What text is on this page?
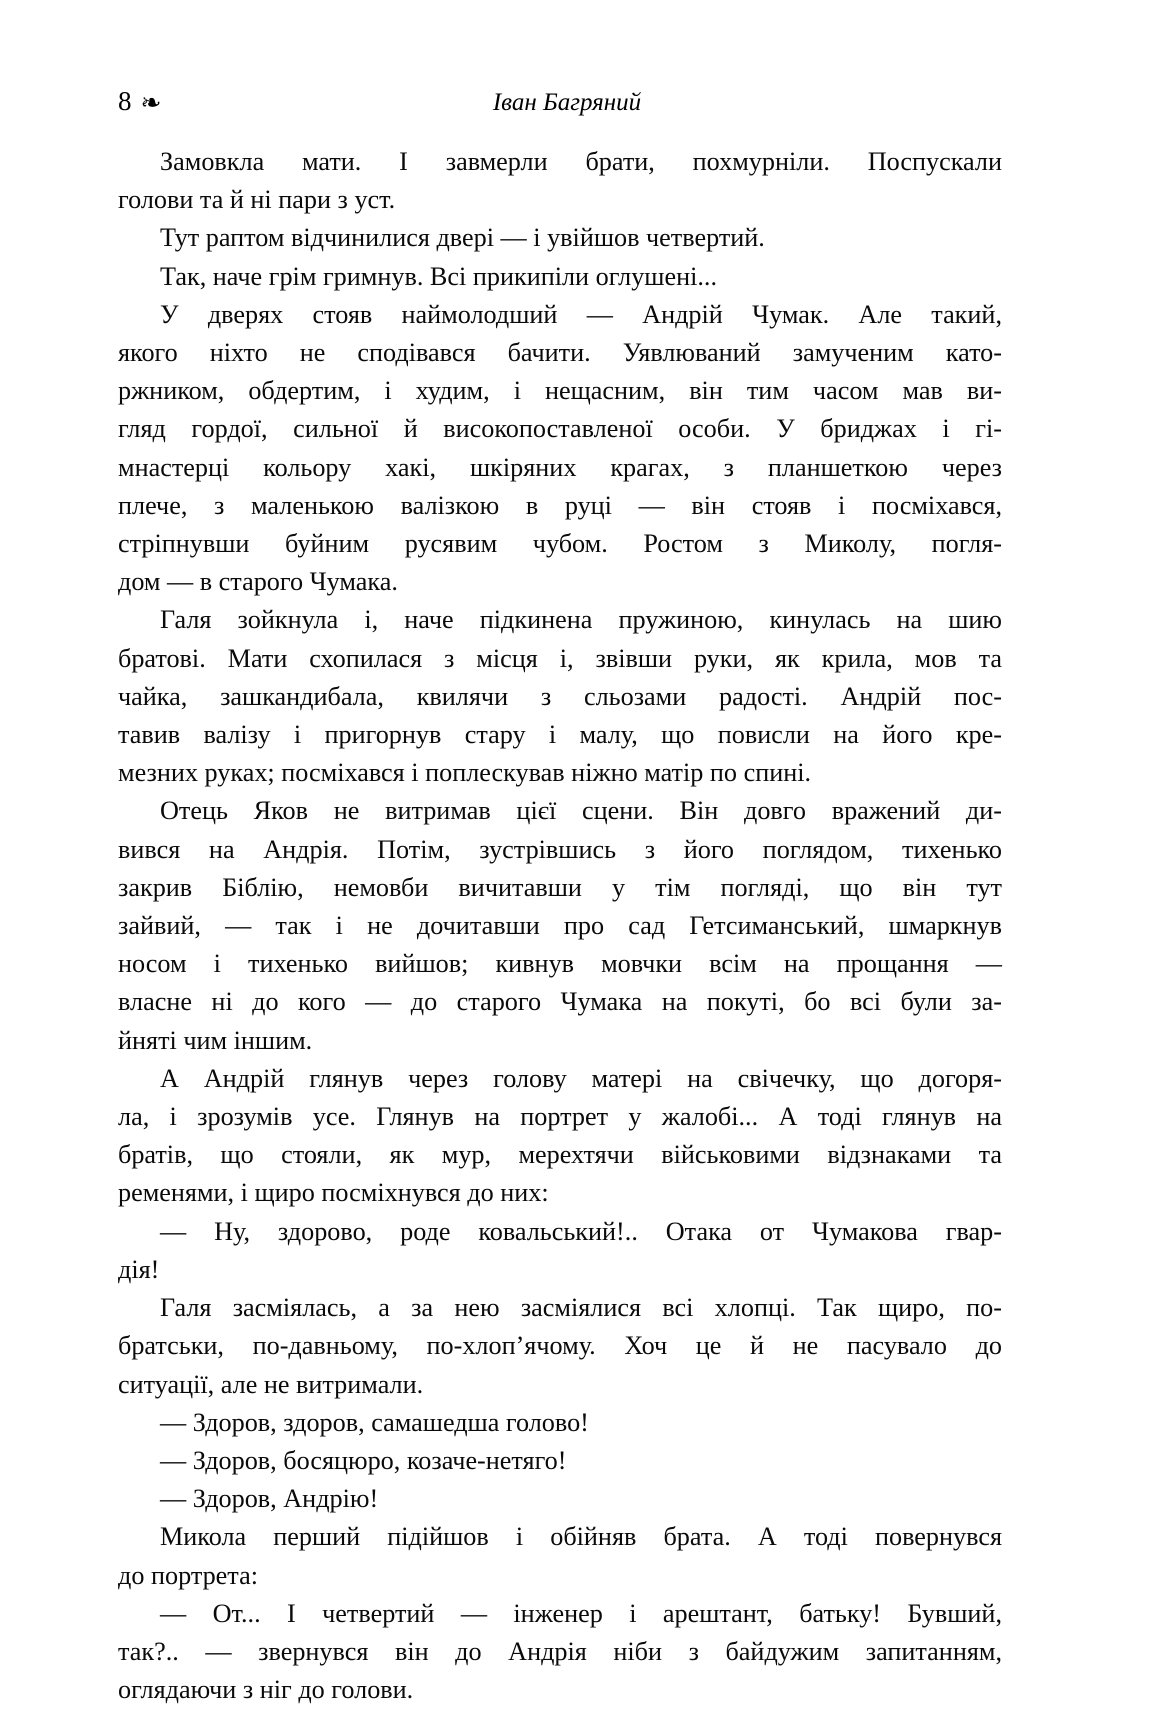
8 ❧	Іван Багряний

Замовкла мати. І завмерли брати, похмурніли. Поспускали
голови та й ні пари з уст.

Тут раптом відчинилися двері — і увійшов четвертий.

Так, наче грім гримнув. Всі прикипіли оглушені...

У дверях стояв наймолодший — Андрій Чумак. Але такий,
якого ніхто не сподівався бачити. Уявлюваний замученим като-
ржником, обдертим, і худим, і нещасним, він тим часом мав ви-
гляд гордої, сильної й високопоставленої особи. У бриджах і гі-
мнастерці кольору хакі, шкіряних крагах, з планшеткою через
плече, з маленькою валізкою в руці — він стояв і посміхався,
стріпнувши буйним русявим чубом. Ростом з Миколу, погля-
дом — в старого Чумака.

Галя зойкнула і, наче підкинена пружиною, кинулась на шию
братові. Мати схопилася з місця і, звівши руки, як крила, мов та
чайка, зашкандибала, квилячи з сльозами радості. Андрій пос-
тавив валізу і пригорнув стару і малу, що повисли на його кре-
мезних руках; посміхався і поплескував ніжно матір по спині.

Отець Яков не витримав цієї сцени. Він довго вражений ди-
вився на Андрія. Потім, зустрівшись з його поглядом, тихенько
закрив Біблію, немовби вичитавши у тім погляді, що він тут
зайвий, — так і не дочитавши про сад Гетсиманський, шмаркнув
носом і тихенько вийшов; кивнув мовчки всім на прощання —
власне ні до кого — до старого Чумака на покуті, бо всі були за-
йняті чим іншим.

А Андрій глянув через голову матері на свічечку, що догоря-
ла, і зрозумів усе. Глянув на портрет у жалобі... А тоді глянув на
братів, що стояли, як мур, мерехтячи військовими відзнаками та
ременями, і щиро посміхнувся до них:

— Ну, здорово, роде ковальський!.. Отака от Чумакова гвар-
дія!

Галя засміялась, а за нею засміялися всі хлопці. Так щиро, по-
братськи, по-давньому, по-хлоп’ячому. Хоч це й не пасувало до
ситуації, але не витримали.

— Здоров, здоров, самашедша голово!

— Здоров, босяцюро, козаче-нетяго!

— Здоров, Андрію!

Микола перший підійшов і обійняв брата. А тоді повернувся
до портрета:

— От... І четвертий — інженер і арештант, батьку! Бувший,
так?.. — звернувся він до Андрія ніби з байдужим запитанням,
оглядаючи з ніг до голови.
